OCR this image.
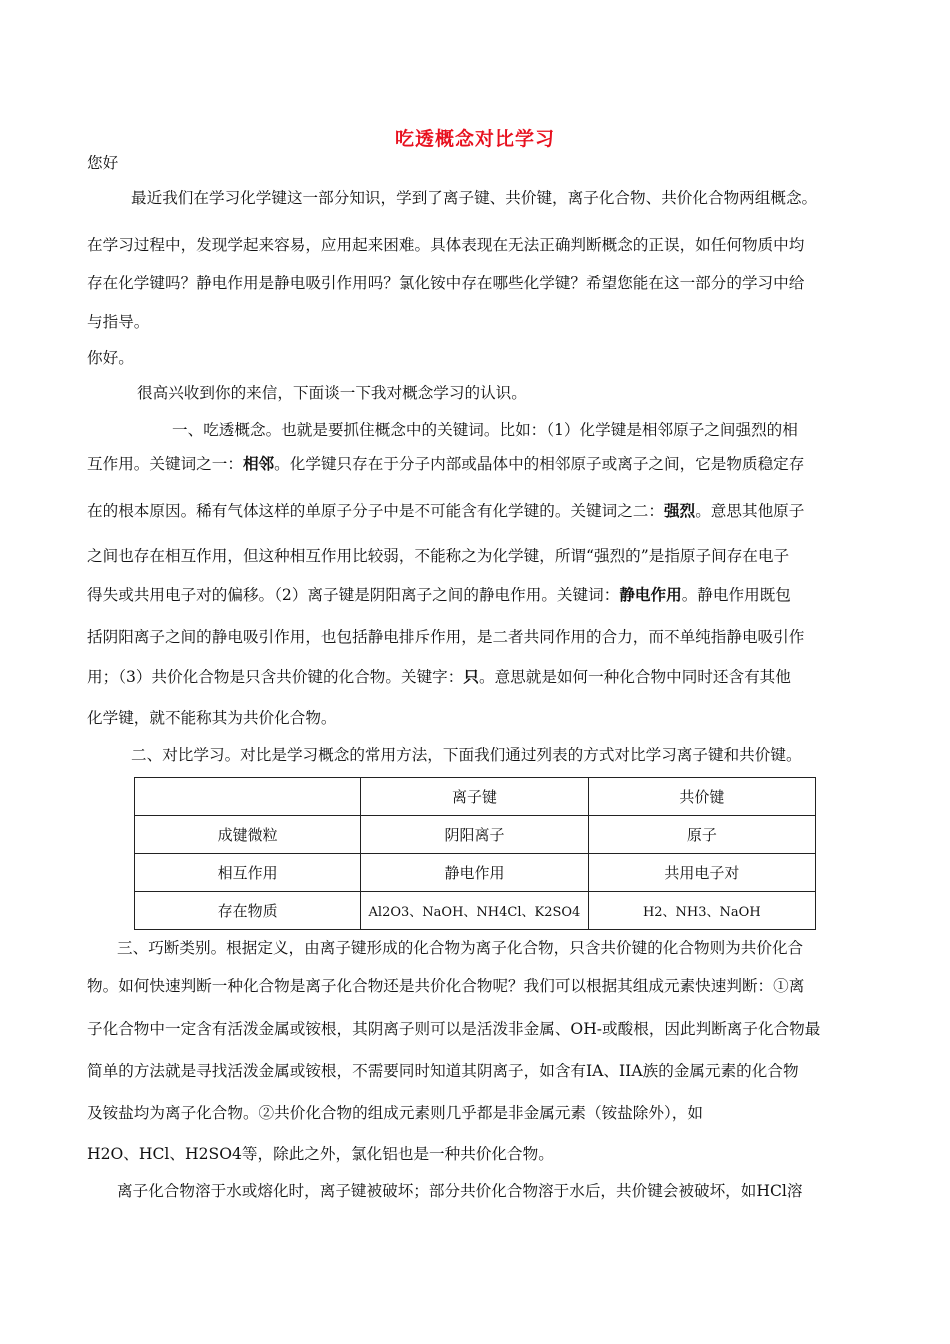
吃透概念对比学习
您好
最近我们在学习化学键这一部分知识，学到了离子键、共价键，离子化合物、共价化合物两组概念。
在学习过程中，发现学起来容易，应用起来困难。具体表现在无法正确判断概念的正误，如任何物质中均
存在化学键吗？静电作用是静电吸引作用吗？氯化铵中存在哪些化学键？希望您能在这一部分的学习中给
与指导。
你好。
很高兴收到你的来信，下面谈一下我对概念学习的认识。
一、吃透概念。也就是要抓住概念中的关键词。比如：（1）化学键是相邻原子之间强烈的相
互作用。关键词之一：相邻。化学键只存在于分子内部或晶体中的相邻原子或离子之间，它是物质稳定存
在的根本原因。稀有气体这样的单原子分子中是不可能含有化学键的。关键词之二：强烈。意思其他原子
之间也存在相互作用，但这种相互作用比较弱，不能称之为化学键，所谓“强烈的”是指原子间存在电子
得失或共用电子对的偏移。（2）离子键是阴阳离子之间的静电作用。关键词：静电作用。静电作用既包
括阴阳离子之间的静电吸引作用，也包括静电排斥作用，是二者共同作用的合力，而不单纯指静电吸引作
用；（3）共价化合物是只含共价键的化合物。关键字：只。意思就是如何一种化合物中同时还含有其他
化学键，就不能称其为共价化合物。
二、对比学习。对比是学习概念的常用方法，下面我们通过列表的方式对比学习离子键和共价键。
	离子键	共价键
成键微粒	阴阳离子	原子
相互作用	静电作用	共用电子对
存在物质	Al2O3、NaOH、NH4Cl、K2SO4	H2、NH3、NaOH
三、巧断类别。根据定义，由离子键形成的化合物为离子化合物，只含共价键的化合物则为共价化合
物。如何快速判断一种化合物是离子化合物还是共价化合物呢？我们可以根据其组成元素快速判断：①离
子化合物中一定含有活泼金属或铵根，其阴离子则可以是活泼非金属、OH-或酸根，因此判断离子化合物最
简单的方法就是寻找活泼金属或铵根，不需要同时知道其阴离子，如含有IA、IIA族的金属元素的化合物
及铵盐均为离子化合物。②共价化合物的组成元素则几乎都是非金属元素（铵盐除外），如
H2O、HCl、H2SO4等，除此之外，氯化铝也是一种共价化合物。
离子化合物溶于水或熔化时，离子键被破坏；部分共价化合物溶于水后，共价键会被破坏，如HCl溶
